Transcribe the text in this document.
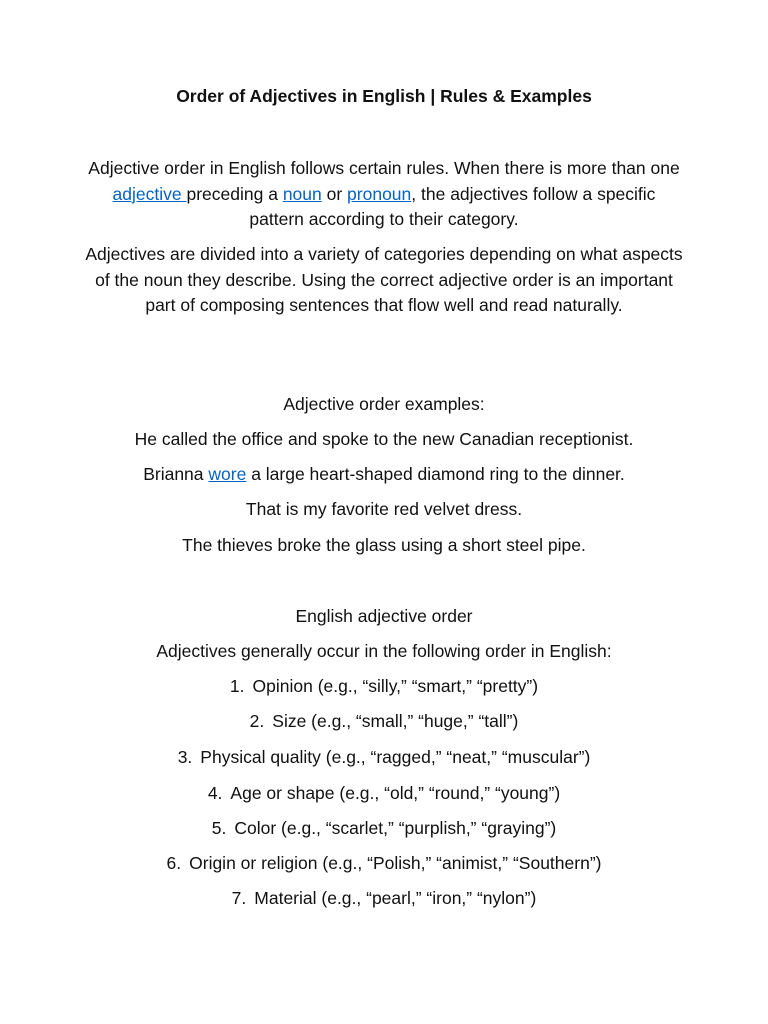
Order of Adjectives in English | Rules & Examples
Adjective order in English follows certain rules. When there is more than one adjective preceding a noun or pronoun, the adjectives follow a specific pattern according to their category.
Adjectives are divided into a variety of categories depending on what aspects of the noun they describe. Using the correct adjective order is an important part of composing sentences that flow well and read naturally.
Adjective order examples:
He called the office and spoke to the new Canadian receptionist.
Brianna wore a large heart-shaped diamond ring to the dinner.
That is my favorite red velvet dress.
The thieves broke the glass using a short steel pipe.
English adjective order
Adjectives generally occur in the following order in English:
1. Opinion (e.g., “silly,” “smart,” “pretty”)
2. Size (e.g., “small,” “huge,” “tall”)
3. Physical quality (e.g., “ragged,” “neat,” “muscular”)
4. Age or shape (e.g., “old,” “round,” “young”)
5. Color (e.g., “scarlet,” “purplish,” “graying”)
6. Origin or religion (e.g., “Polish,” “animist,” “Southern”)
7. Material (e.g., “pearl,” “iron,” “nylon”)
